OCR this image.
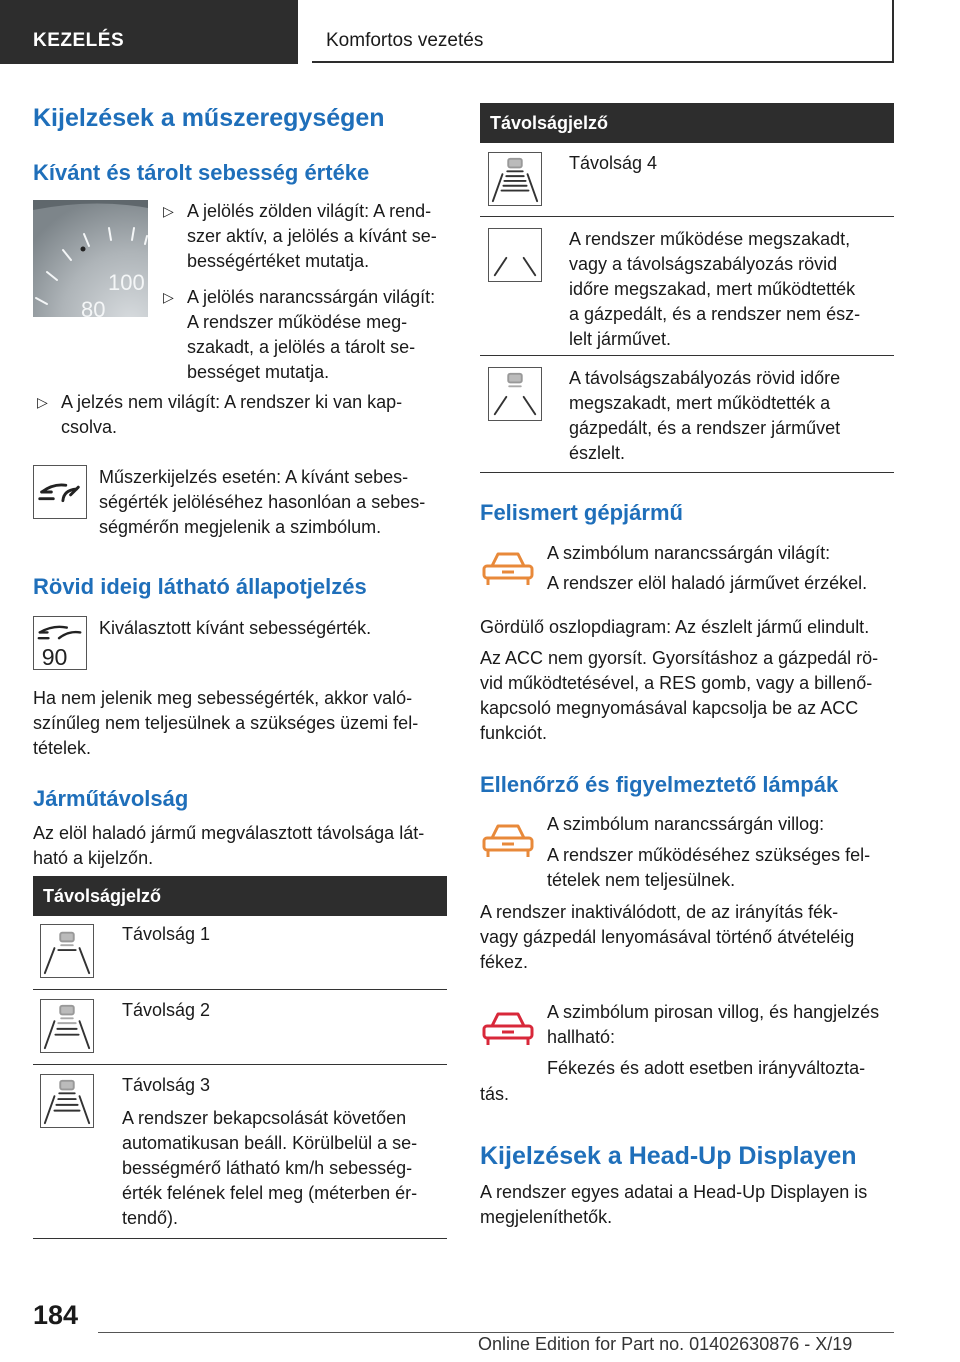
KEZELÉS	Komfortos vezetés
Kijelzések a műszeregységen
Kívánt és tárolt sebesség értéke
100
80
▷ A jelölés zölden világít: A rend-
szer aktív, a jelölés a kívánt se-
bességértéket mutatja.
▷ A jelölés narancssárgán világít:
A rendszer működése meg-
szakadt, a jelölés a tárolt se-
bességet mutatja.
▷ A jelzés nem világít: A rendszer ki van kap-
csolva.
Műszerkijelzés esetén: A kívánt sebes-
ségérték jelöléséhez hasonlóan a sebes-
ségmérőn megjelenik a szimbólum.
Rövid ideig látható állapotjelzés
90
Kiválasztott kívánt sebességérték.
Ha nem jelenik meg sebességérték, akkor való-
színűleg nem teljesülnek a szükséges üzemi fel-
tételek.
Járműtávolság
Az elöl haladó jármű megválasztott távolsága lát-
ható a kijelzőn.
Távolságjelző
Távolság 1
Távolság 2
Távolság 3
A rendszer bekapcsolását követően
automatikusan beáll. Körülbelül a se-
bességmérő látható km/h sebesség-
érték felének felel meg (méterben ér-
tendő).
Távolságjelző
Távolság 4
A rendszer működése megszakadt,
vagy a távolságszabályozás rövid
időre megszakad, mert működtették
a gázpedált, és a rendszer nem ész-
lelt járművet.
A távolságszabályozás rövid időre
megszakadt, mert működtették a
gázpedált, és a rendszer járművet
észlelt.
Felismert gépjármű
A szimbólum narancssárgán világít:
A rendszer elöl haladó járművet érzékel.
Gördülő oszlopdiagram: Az észlelt jármű elindult.
Az ACC nem gyorsít. Gyorsításhoz a gázpedál rö-
vid működtetésével, a RES gomb, vagy a billenő-
kapcsoló megnyomásával kapcsolja be az ACC
funkciót.
Ellenőrző és figyelmeztető lámpák
A szimbólum narancssárgán villog:
A rendszer működéséhez szükséges fel-
tételek nem teljesülnek.
A rendszer inaktiválódott, de az irányítás fék-
vagy gázpedál lenyomásával történő átvételéig
fékez.
A szimbólum pirosan villog, és hangjelzés
hallható:
Fékezés és adott esetben irányváltozta-
tás.
Kijelzések a Head-Up Displayen
A rendszer egyes adatai a Head-Up Displayen is
megjeleníthetők.
184
Online Edition for Part no. 01402630876 - X/19
